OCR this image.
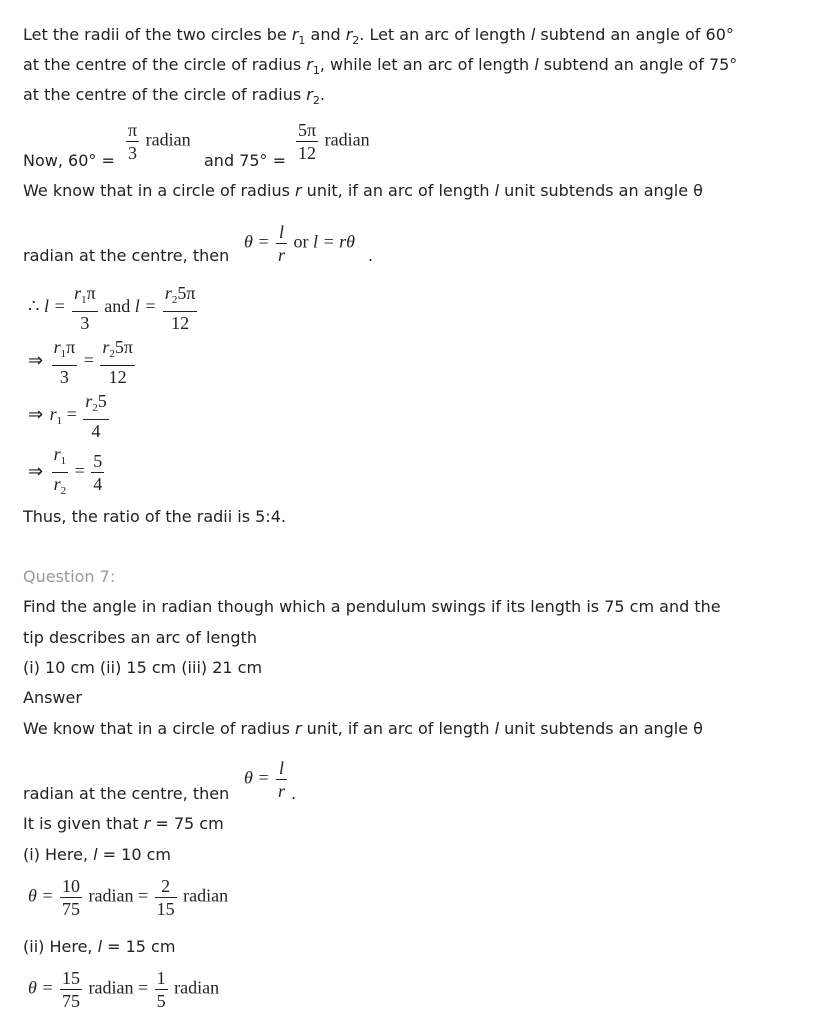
Let the radii of the two circles be $r_1$ and $r_2$. Let an arc of length l subtend an angle of 60°
at the centre of the circle of radius $r_1$, while let an arc of length l subtend an angle of 75°
at the centre of the circle of radius $r_2$.
Now, $60^\circ = \frac{\pi}{3}$ radian
and $75^\circ = \frac{5\pi}{12}$ radian
We know that in a circle of radius r unit, if an arc of length l unit subtends an angle θ
$\theta = \frac{l}{r}$ or l = rθ
radian at the centre, then	.
∴ $l = \frac{r_1\pi}{3}$ and $l = \frac{r_25\pi}{12}$
⇒ $\frac{r_1\pi}{3} = \frac{r_25\pi}{12}$
⇒ $r_1 = \frac{r_25}{4}$
⇒ $\frac{r_1}{r_2} = \frac{5}{4}$
Thus, the ratio of the radii is 5:4.
Question 7:
Find the angle in radian though which a pendulum swings if its length is 75 cm and the
tip describes an arc of length
(i) 10 cm (ii) 15 cm (iii) 21 cm
Answer
We know that in a circle of radius r unit, if an arc of length l unit subtends an angle θ
$\theta = \frac{l}{r}$
radian at the centre, then	.
It is given that r = 75 cm
(i) Here, l = 10 cm
$\theta = \frac{10}{75}$ radian = $\frac{2}{15}$ radian
(ii) Here, l = 15 cm
$\theta = \frac{15}{75}$ radian = $\frac{1}{5}$ radian
